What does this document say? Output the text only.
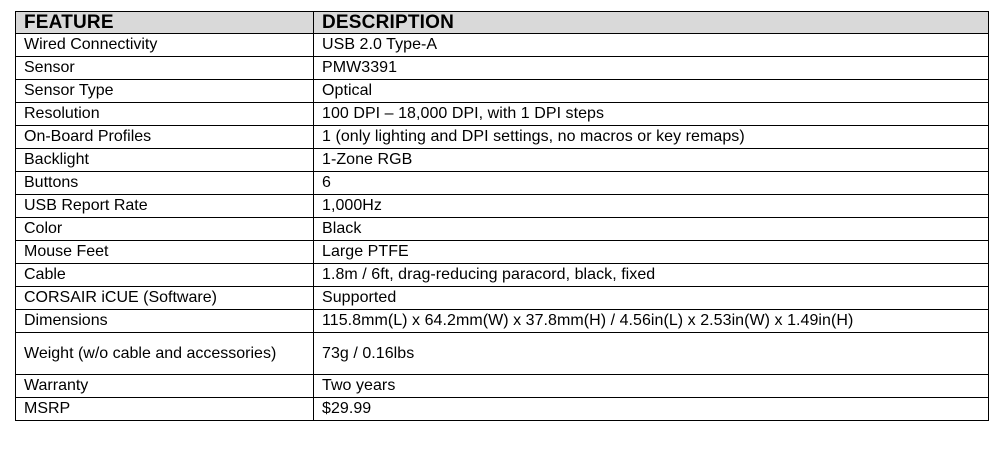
FEATURE	DESCRIPTION
Wired Connectivity	USB 2.0 Type-A
Sensor	PMW3391
Sensor Type	Optical
Resolution	100 DPI – 18,000 DPI, with 1 DPI steps
On-Board Profiles	1 (only lighting and DPI settings, no macros or key remaps)
Backlight	1-Zone RGB
Buttons	6
USB Report Rate	1,000Hz
Color	Black
Mouse Feet	Large PTFE
Cable	1.8m / 6ft, drag-reducing paracord, black, fixed
CORSAIR iCUE (Software)	Supported
Dimensions	115.8mm(L) x 64.2mm(W) x 37.8mm(H) / 4.56in(L) x 2.53in(W) x 1.49in(H)
Weight (w/o cable and accessories)	73g / 0.16lbs
Warranty	Two years
MSRP	$29.99
